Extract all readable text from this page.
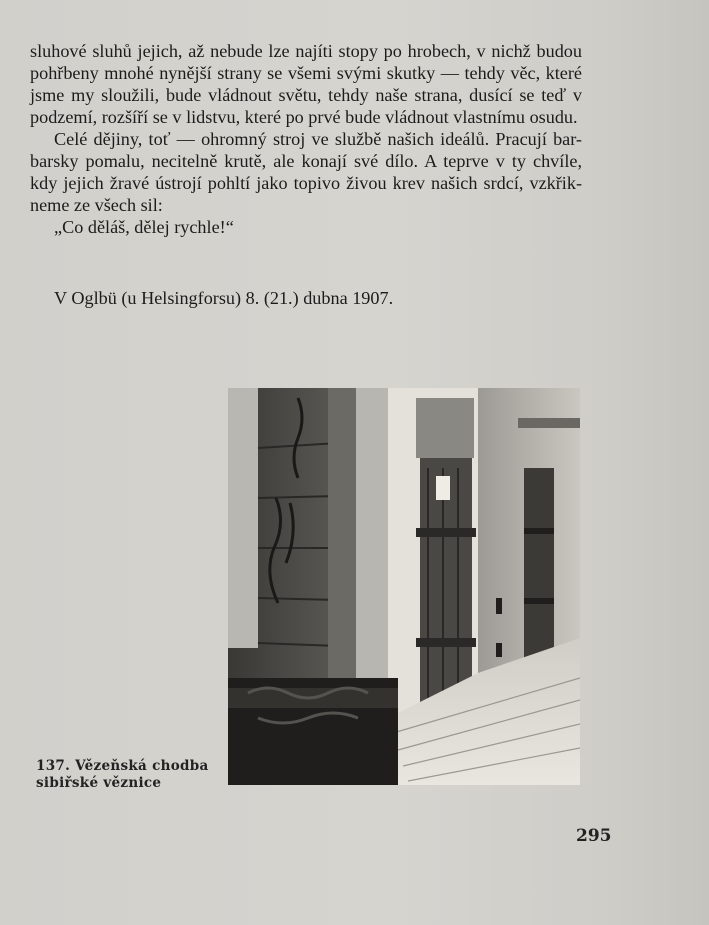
sluhové sluhů jejich, až nebude lze najíti stopy po hrobech, v nichž budou pohřbeny mnohé nynější strany se všemi svými skutky — tehdy věc, které jsme my sloužili, bude vládnout světu, tehdy naše strana, dusící se teď v podzemí, rozšíří se v lidstvu, které po prvé bude vládnout vlastnímu osudu.

Celé dějiny, toť — ohromný stroj ve službě našich ideálů. Pracují bar- barsky pomalu, necitelně krutě, ale konají své dílo. A teprve v ty chvíle, kdy jejich žravé ústrojí pohltí jako topivo živou krev našich srdcí, vzkřik- neme ze všech sil:

„Co děláš, dělej rychle!“

V Oglbü (u Helsingforsu) 8. (21.) dubna 1907.
137. Vězeňská chodba
sibiřské věznice
295
